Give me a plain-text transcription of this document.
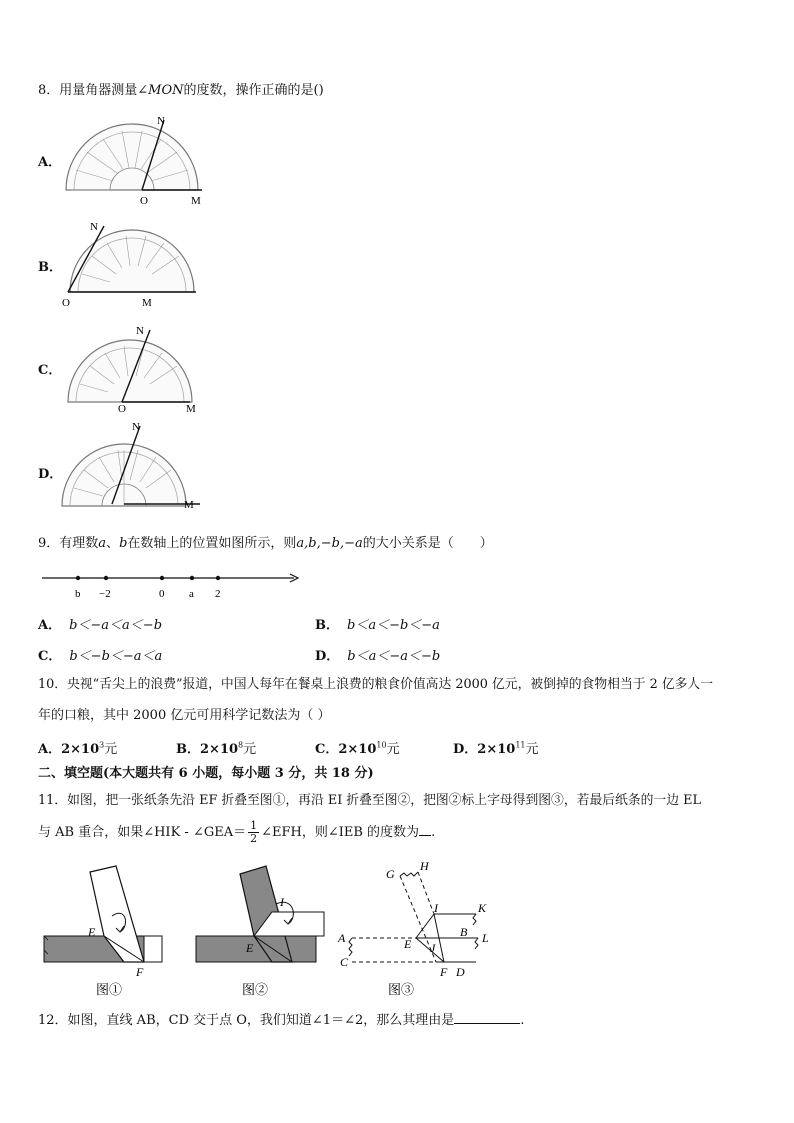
8．用量角器测量∠MON的度数，操作正确的是()
A．
N
O	M
B．
N
O	M
C．
N
O	M
D．
N
M
9．有理数a、b在数轴上的位置如图所示，则a,b,−b,−a的大小关系是（　　）
b −2	0 a 2
A． b＜−a＜a＜−b	B． b＜a＜−b＜−a
C． b＜−b＜−a＜a	D． b＜a＜−a＜−b
10．央视“舌尖上的浪费”报道，中国人每年在餐桌上浪费的粮食价值高达 2000 亿元，被倒掉的食物相当于 2 亿多人一
年的口粮，其中 2000 亿元可用科学记数法为（ ）
A．$2\times 10^3$元	B．$2\times 10^8$元	C．$2\times 10^{10}$元	D．$2\times 10^{11}$元
二、填空题(本大题共有 6 小题，每小题 3 分，共 18 分)
11．如图，把一张纸条先沿 EF 折叠至图①，再沿 EI 折叠至图②，把图②标上字母得到图③，若最后纸条的一边 EL
与 AB 重合，如果∠HIK - ∠GEA＝ $\frac{1}{2}$ ∠EFH，则∠IEB 的度数为 .
E
F
图①
I
E
图②
G
H
I	K
A	B L
E J
C
F D
图③
12．如图，直线 AB，CD 交于点 O，我们知道∠1＝∠2，那么其理由是	.
